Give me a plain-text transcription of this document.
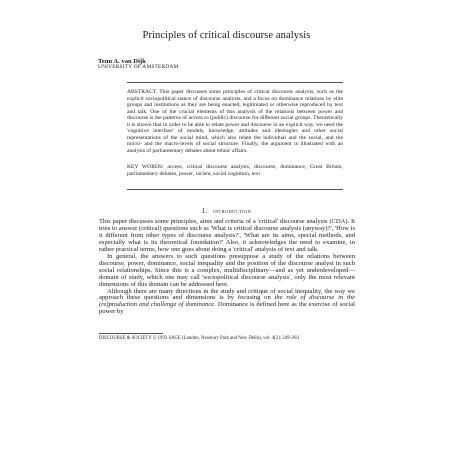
Principles of critical discourse analysis
Teun A. van Dijk
UNIVERSITY OF AMSTERDAM

ABSTRACT. This paper discusses some principles of critical discourse analysis, such as the explicit sociopolitical stance of discourse analysts, and a focus on dominance relations by elite groups and institutions as they are being enacted, legitimated or otherwise reproduced by text and talk. One of the crucial elements of this analysis of the relations between power and discourse is the patterns of access to (public) discourse for different social groups. Theoretically it is shown that in order to be able to relate power and discourse in an explicit way, we need the 'cognitive interface' of models, knowledge, attitudes and ideologies and other social representations of the social mind, which also relate the individual and the social, and the micro- and the macro-levels of social structure. Finally, the argument is illustrated with an analysis of parliamentary debates about ethnic affairs.

KEY WORDS: access, critical discourse analysis, discourse, dominance, Great Britain, parliamentary debates, power, racism, social cognition, text

1. INTRODUCTION

This paper discusses some principles, aims and criteria of a 'critical' discourse analysis (CDA). It tries to answer (critical) questions such as 'What is critical discourse analysis (anyway)?', 'How is it different from other types of discourse analysis?', 'What are its aims, special methods, and especially what is its theoretical foundation?' Also, it acknowledges the need to examine, in rather practical terms, how one goes about doing a 'critical' analysis of text and talk.

In general, the answers to such questions presuppose a study of the relations between discourse, power, dominance, social inequality and the position of the discourse analyst in such social relationships. Since this is a complex, multidisciplinary—and as yet underdeveloped—domain of study, which one may call 'sociopolitical discourse analysis', only the most relevant dimensions of this domain can be addressed here.

Although there are many directions in the study and critique of social inequality, the way we approach these questions and dimensions is by focusing on the role of discourse in the (re)production and challenge of dominance. Dominance is defined here as the exercise of social power by

DISCOURSE & SOCIETY © 1993 SAGE (London, Newbury Park and New Delhi), vol. 4(2): 249–283
